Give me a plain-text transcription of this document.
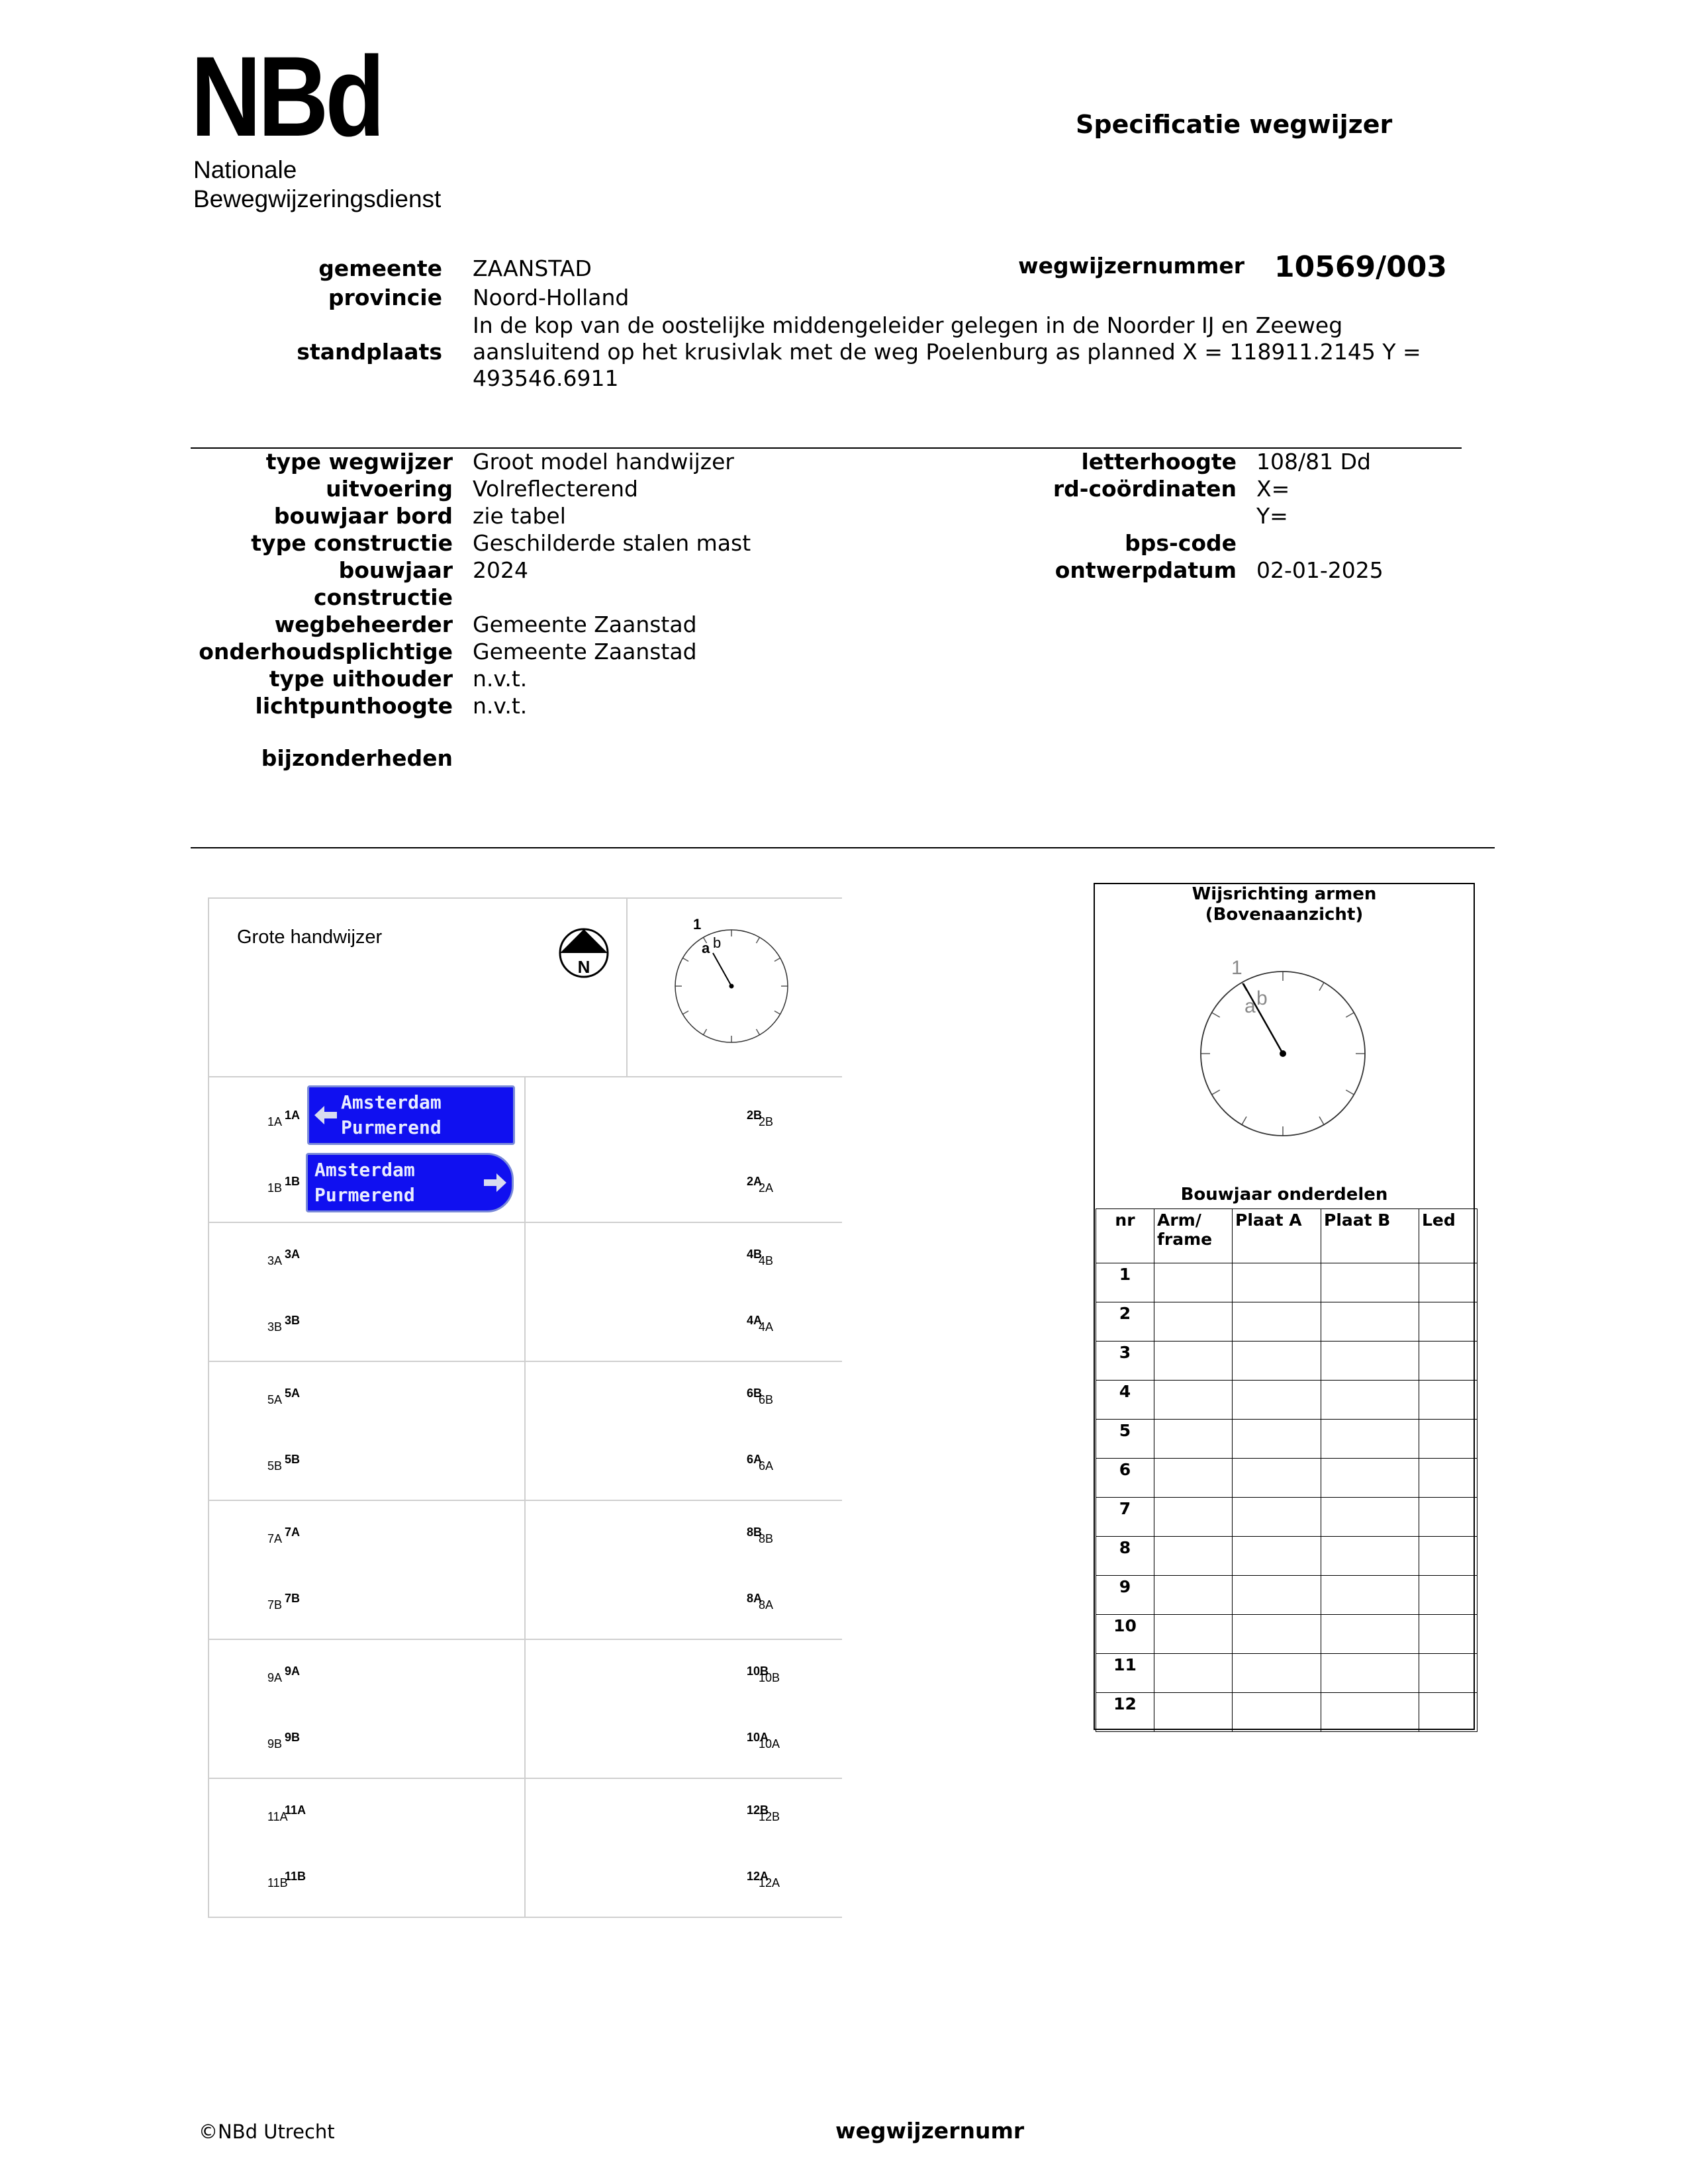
NBd
Nationale
Bewegwijzeringsdienst
Specificatie wegwijzer
gemeente ZAANSTAD
provincie Noord-Holland
In de kop van de oostelijke middengeleider gelegen in de Noorder IJ en Zeeweg
standplaats aansluitend op het krusivlak met de weg Poelenburg as planned X = 118911.2145 Y =
493546.6911
wegwijzernummer 10569/003
type wegwijzer Groot model handwijzer
uitvoering Volreflecterend
bouwjaar bord zie tabel
type constructie Geschilderde stalen mast
bouwjaar 2024
constructie
wegbeheerder Gemeente Zaanstad
onderhoudsplichtige Gemeente Zaanstad
type uithouder n.v.t.
lichtpunthoogte n.v.t.
letterhoogte 108/81 Dd
rd-coördinaten X=
Y=
bps-code
ontwerpdatum 02-01-2025
bijzonderheden
Grote handwijzer
N
1
a b
Amsterdam
Purmerend
Amsterdam
Purmerend
1A 1A
1B 1B
3A 3A
3B 3B
5A 5A
5B 5B
7A 7A
7B 7B
9A 9A
9B 9B
11A
11A
11B
11B
2B
2B
2A
2A
4B
4B
4A
4A
6B
6B
6A
6A
8B
8B
8A
8A
10B
10B
10A
10A
12B
12B
12A
12A
Wijsrichting armen
(Bovenaanzicht)
1
a b
Bouwjaar onderdelen
nr	Arm/ frame	Plaat A	Plaat B	Led
1				
2				
3				
4				
5				
6				
7				
8				
9				
10				
11				
12				
©NBd Utrecht	wegwijzernumr
